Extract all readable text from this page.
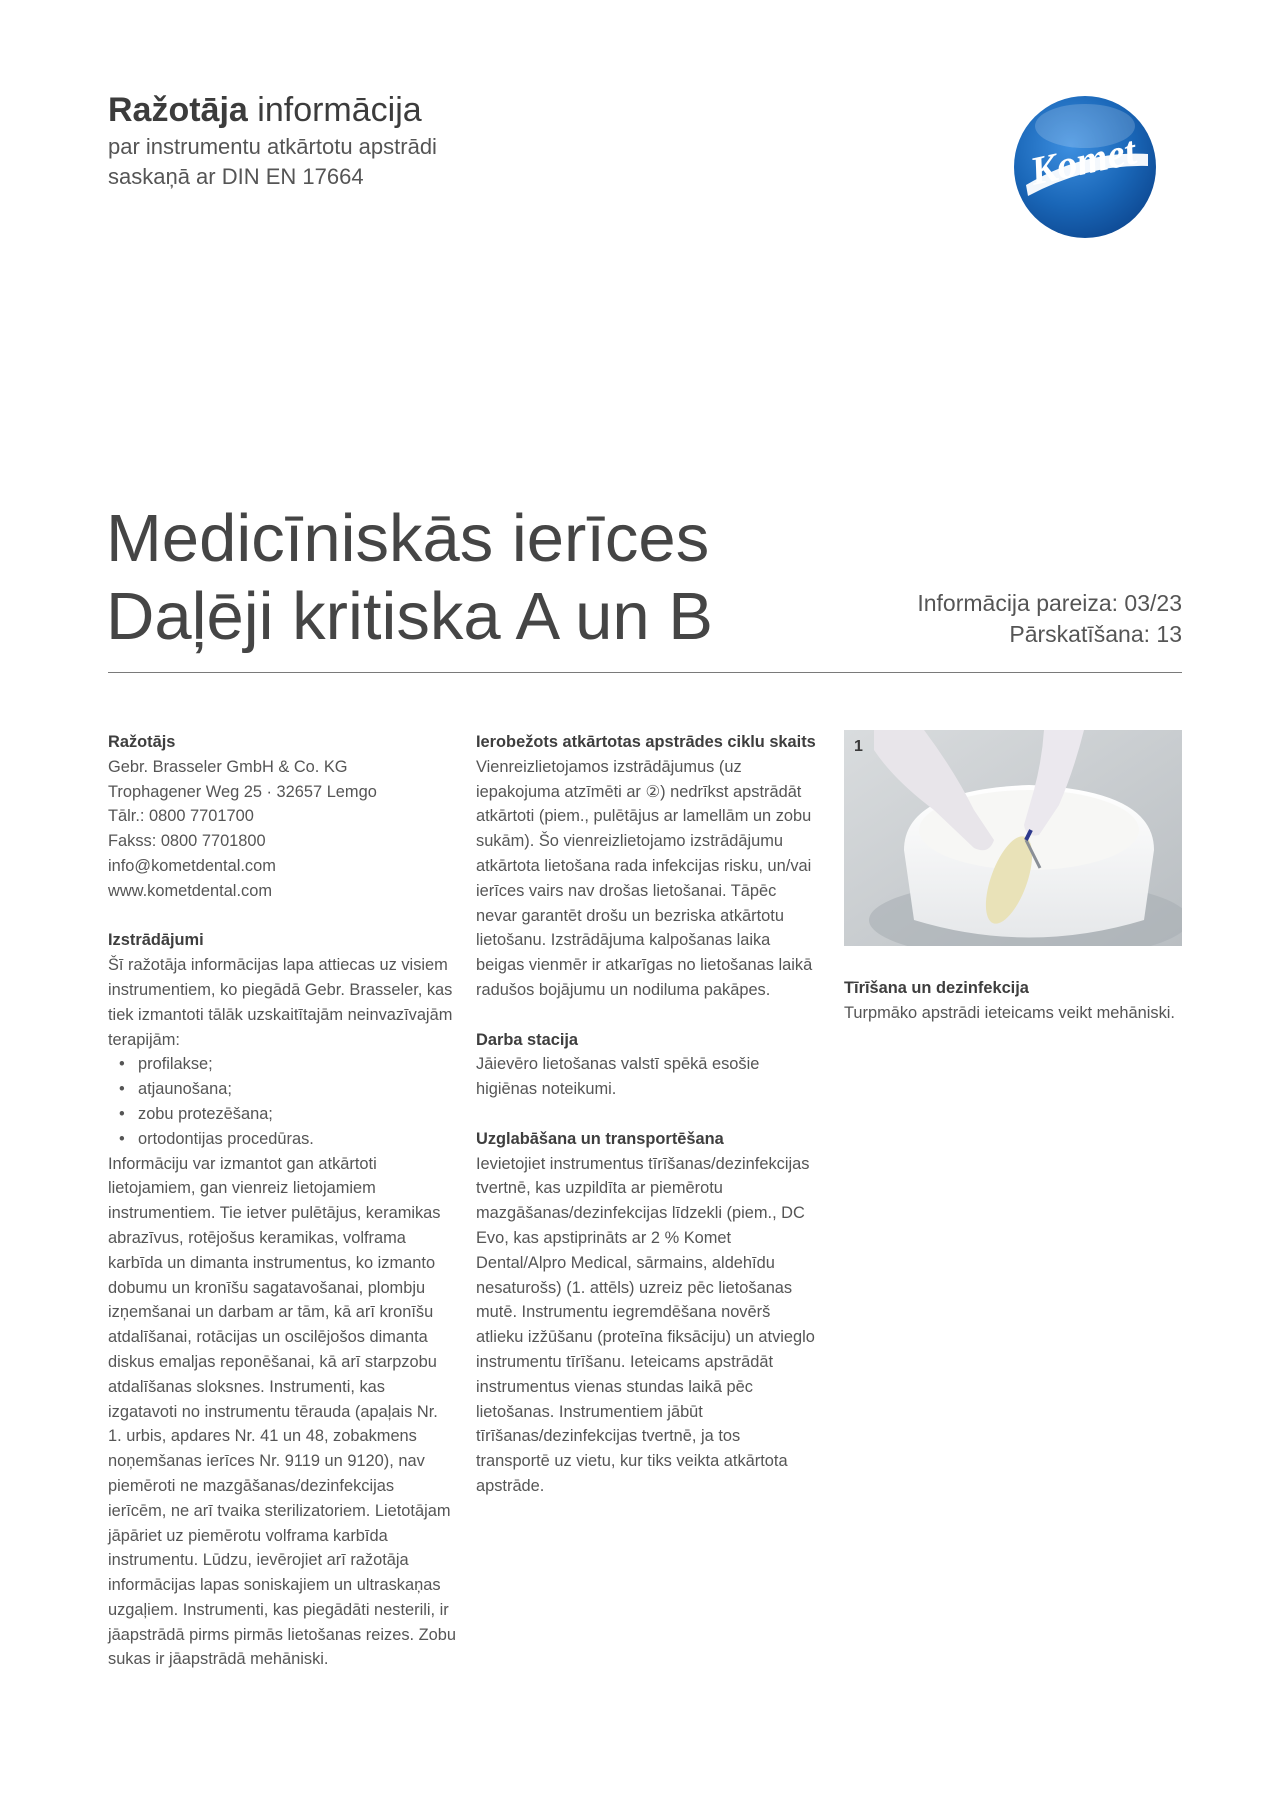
Ražotāja informācija
par instrumentu atkārtotu apstrādi
saskaņā ar DIN EN 17664	Komet
Medicīniskās ierīces
Daļēji kritiska A un B	Informācija pareiza: 03/23
Pārskatīšana: 13
Ražotājs

Gebr. Brasseler GmbH & Co. KG

Trophagener Weg 25 · 32657 Lemgo

Tālr.: 0800 7701700

Fakss: 0800 7701800

info@kometdental.com

www.kometdental.com

Izstrādājumi

Šī ražotāja informācijas lapa attiecas uz visiem instrumentiem, ko piegādā Gebr. Brasseler, kas tiek izmantoti tālāk uzskaitītajām neinvazīvajām terapijām:

• profilakse;
• atjaunošana;
• zobu protezēšana;
• ortodontijas procedūras.

Informāciju var izmantot gan atkārtoti lietojamiem, gan vienreiz lietojamiem instrumentiem. Tie ietver pulētājus, keramikas abrazīvus, rotējošus keramikas, volframa karbīda un dimanta instrumentus, ko izmanto dobumu un kronīšu sagatavošanai, plombju izņemšanai un darbam ar tām, kā arī kronīšu atdalīšanai, rotācijas un oscilējošos dimanta diskus emaljas reponēšanai, kā arī starpzobu atdalīšanas sloksnes. Instrumenti, kas izgatavoti no instrumentu tērauda (apaļais Nr. 1. urbis, apdares Nr. 41 un 48, zobakmens noņemšanas ierīces Nr. 9119 un 9120), nav piemēroti ne mazgāšanas/dezinfekcijas ierīcēm, ne arī tvaika sterilizatoriem. Lietotājam jāpāriet uz piemērotu volframa karbīda instrumentu. Lūdzu, ievērojiet arī ražotāja informācijas lapas soniskajiem un ultraskaņas uzgaļiem. Instrumenti, kas piegādāti nesterili, ir jāapstrādā pirms pirmās lietošanas reizes. Zobu sukas ir jāapstrādā mehāniski.

Ierobežots atkārtotas apstrādes ciklu skaits

Vienreizlietojamos izstrādājumus (uz iepakojuma atzīmēti ar ②) nedrīkst apstrādāt atkārtoti (piem., pulētājus ar lamellām un zobu sukām). Šo vienreizlietojamo izstrādājumu atkārtota lietošana rada infekcijas risku, un/vai ierīces vairs nav drošas lietošanai. Tāpēc nevar garantēt drošu un bezriska atkārtotu lietošanu. Izstrādājuma kalpošanas laika beigas vienmēr ir atkarīgas no lietošanas laikā radušos bojājumu un nodiluma pakāpes.

Darba stacija

Jāievēro lietošanas valstī spēkā esošie higiēnas noteikumi.

Uzglabāšana un transportēšana

Ievietojiet instrumentus tīrīšanas/dezinfekcijas tvertnē, kas uzpildīta ar piemērotu mazgāšanas/dezinfekcijas līdzekli (piem., DC Evo, kas apstiprināts ar 2 % Komet Dental/Alpro Medical, sārmains, aldehīdu nesaturošs) (1. attēls) uzreiz pēc lietošanas mutē. Instrumentu iegremdēšana novērš atlieku izžūšanu (proteīna fiksāciju) un atvieglo instrumentu tīrīšanu. Ieteicams apstrādāt instrumentus vienas stundas laikā pēc lietošanas. Instrumentiem jābūt tīrīšanas/dezinfekcijas tvertnē, ja tos transportē uz vietu, kur tiks veikta atkārtota apstrāde.

1
Tīrīšana un dezinfekcija

Turpmāko apstrādi ieteicams veikt mehāniski.
